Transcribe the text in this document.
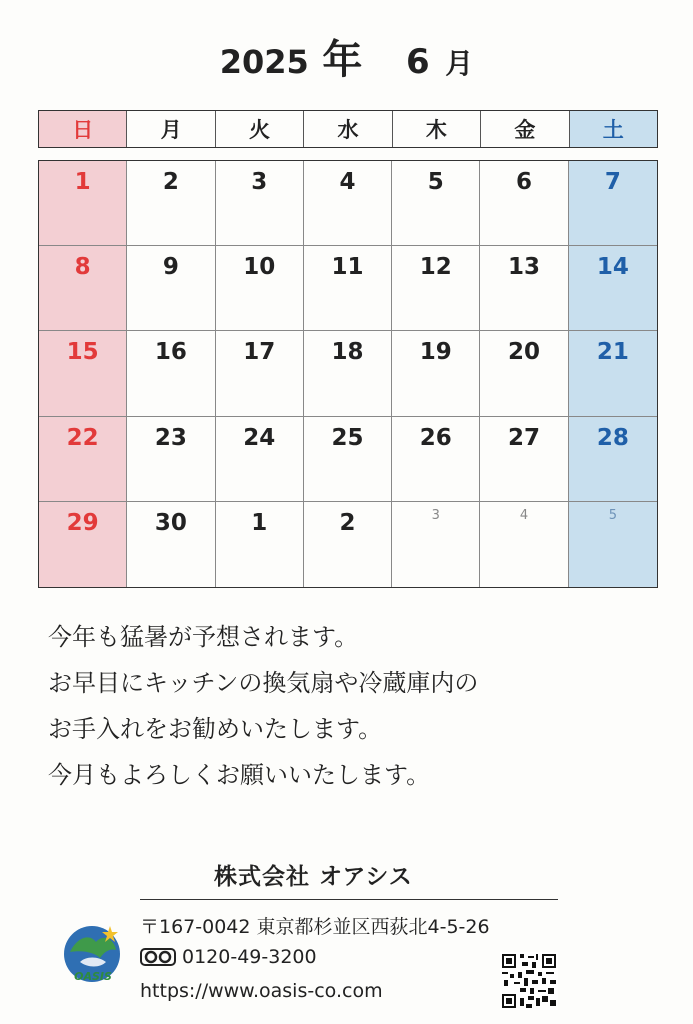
2025 年 6 月
日	月	火	水	木	金	土
1	2	3	4	5	6	7
8	9	10	11	12	13	14
15	16	17	18	19	20	21
22	23	24	25	26	27	28
29	30	1	2	3	4	5
今年も猛暑が予想されます。
お早目にキッチンの換気扇や冷蔵庫内の
お手入れをお勧めいたします。
今月もよろしくお願いいたします。
株式会社 オアシス
OASIS
〒167-0042 東京都杉並区西荻北4-5-26
0120-49-3200
https://www.oasis-co.com
